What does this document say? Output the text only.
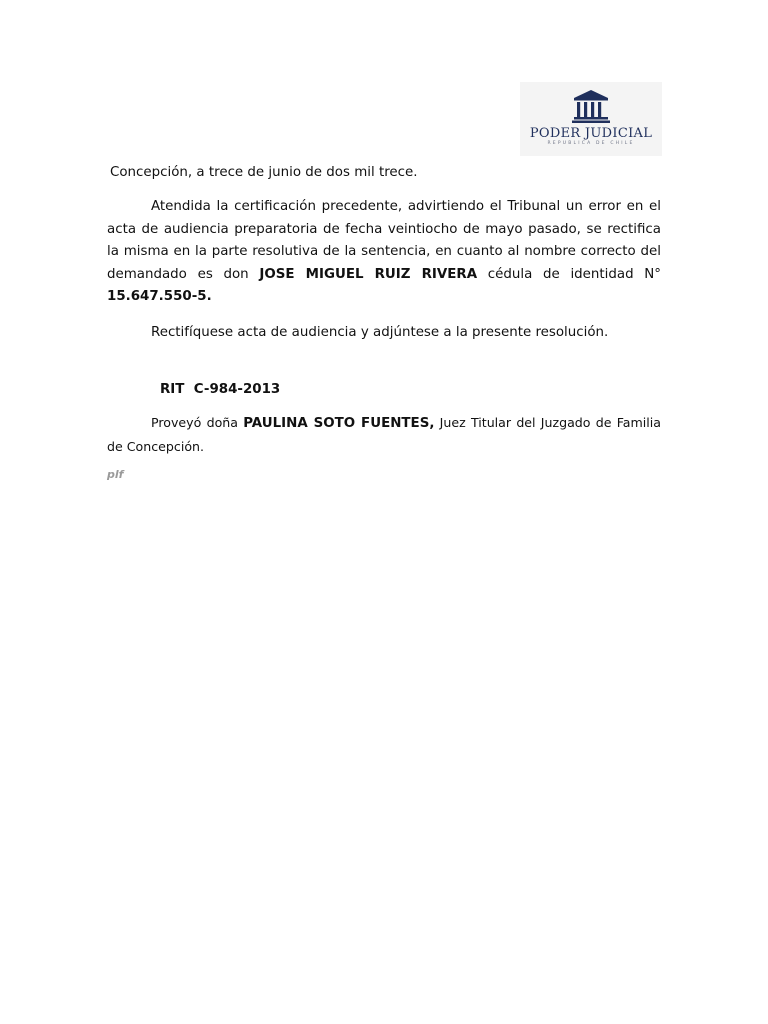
PODER JUDICIAL
REPUBLICA DE CHILE

Concepción, a trece de junio de dos mil trece.

Atendida la certificación precedente, advirtiendo el Tribunal un error en el acta de audiencia preparatoria de fecha veintiocho de mayo pasado, se rectifica la misma en la parte resolutiva de la sentencia, en cuanto al nombre correcto del demandado es don JOSE MIGUEL RUIZ RIVERA cédula de identidad N° 15.647.550-5.

Rectifíquese acta de audiencia y adjúntese a la presente resolución.

RIT  C-984-2013

Proveyó doña PAULINA SOTO FUENTES, Juez Titular del Juzgado de Familia de Concepción.

plf
